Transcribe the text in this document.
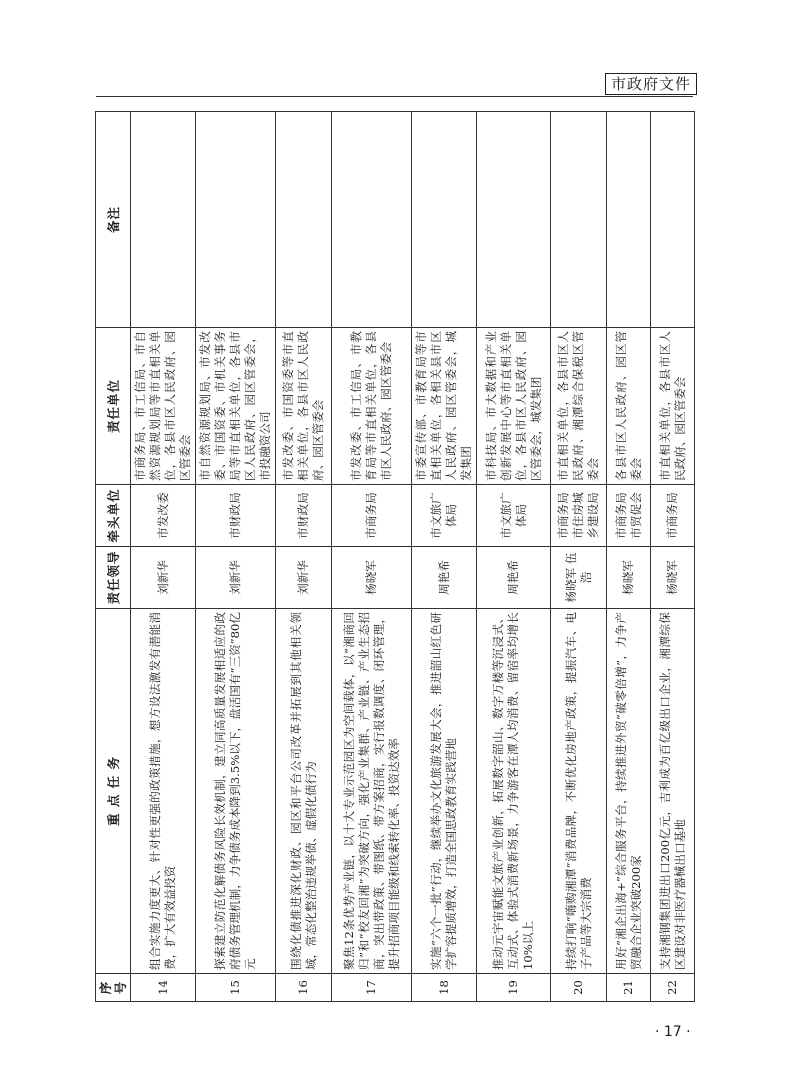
市政府文件
序号	重 点 任 务	责任领导	牵头单位	责任单位	备注
14	组合实施力度更大、针对性更强的政策措施，想方设法激发有潜能消费，扩大有效益投资	刘新华	市发改委	市商务局、市工信局、市自然资源规划局等市直相关单位，各县市区人民政府、园区管委会	
15	探索建立防范化解债务风险长效机制，建立同高质量发展相适应的政府债务管理机制，力争债务成本降到3.5%以下，盘活国有“三资”80亿元	刘新华	市财政局	市自然资源规划局、市发改委、市国资委、市机关事务局等市直相关单位，各县市区人民政府、园区管委会，市投融资公司	
16	围绕化债推进深化财政、园区和平台公司改革并拓展到其他相关领域，常态化整治违规举债、虚假化债行为	刘新华	市财政局	市发改委、市国资委等市直相关单位，各县市区人民政府、园区管委会	
17	聚焦12条优势产业链，以十大专业示范园区为空间载体，以“湘商回归”和“校友回湘”为突破方向，强化产业集群、产业链、产业生态招商，突出带政策、带图纸、带方案招商，实行报数调度、闭环管理，提升招商项目能级和线索转化率、投资达效率	杨晓军	市商务局	市发改委、市工信局、市教育局等市直相关单位，各县市区人民政府、园区管委会	
18	实施“六个一批”行动，继续举办文化旅游发展大会，推进韶山红色研学扩容提质增效，打造全国思政教育实践营地	周艳希	市文旅广体局	市委宣传部、市教育局等市直相关单位，各相关县市区人民政府、园区管委会，城发集团	
19	推动元宇宙赋能文旅产业创新，拓展数字韶山、数字万楼等沉浸式、互动式、体验式消费新场景，力争游客在潭人均消费、留宿率均增长10%以上	周艳希	市文旅广体局	市科技局、市大数据和产业创新发展中心等市直相关单位，各县市区人民政府、园区管委会，城发集团	
20	持续打响“嗨购湘潭”消费品牌，不断优化房地产政策，提振汽车、电子产品等大宗消费	杨晓军 伍浩	市商务局 市住房城乡建设局	市直相关单位，各县市区人民政府、湘潭综合保税区管委会	
21	用好“湘企出海+”综合服务平台，持续推进外贸“破零倍增”，力争产贸融合企业突破200家	杨晓军	市商务局 市贸促会	各县市区人民政府、园区管委会	
22	支持湘钢集团进出口200亿元，吉利成为百亿级出口企业，湘潭综保区建设对非医疗器械出口基地	杨晓军	市商务局	市直相关单位，各县市区人民政府、园区管委会	
· 17 ·
